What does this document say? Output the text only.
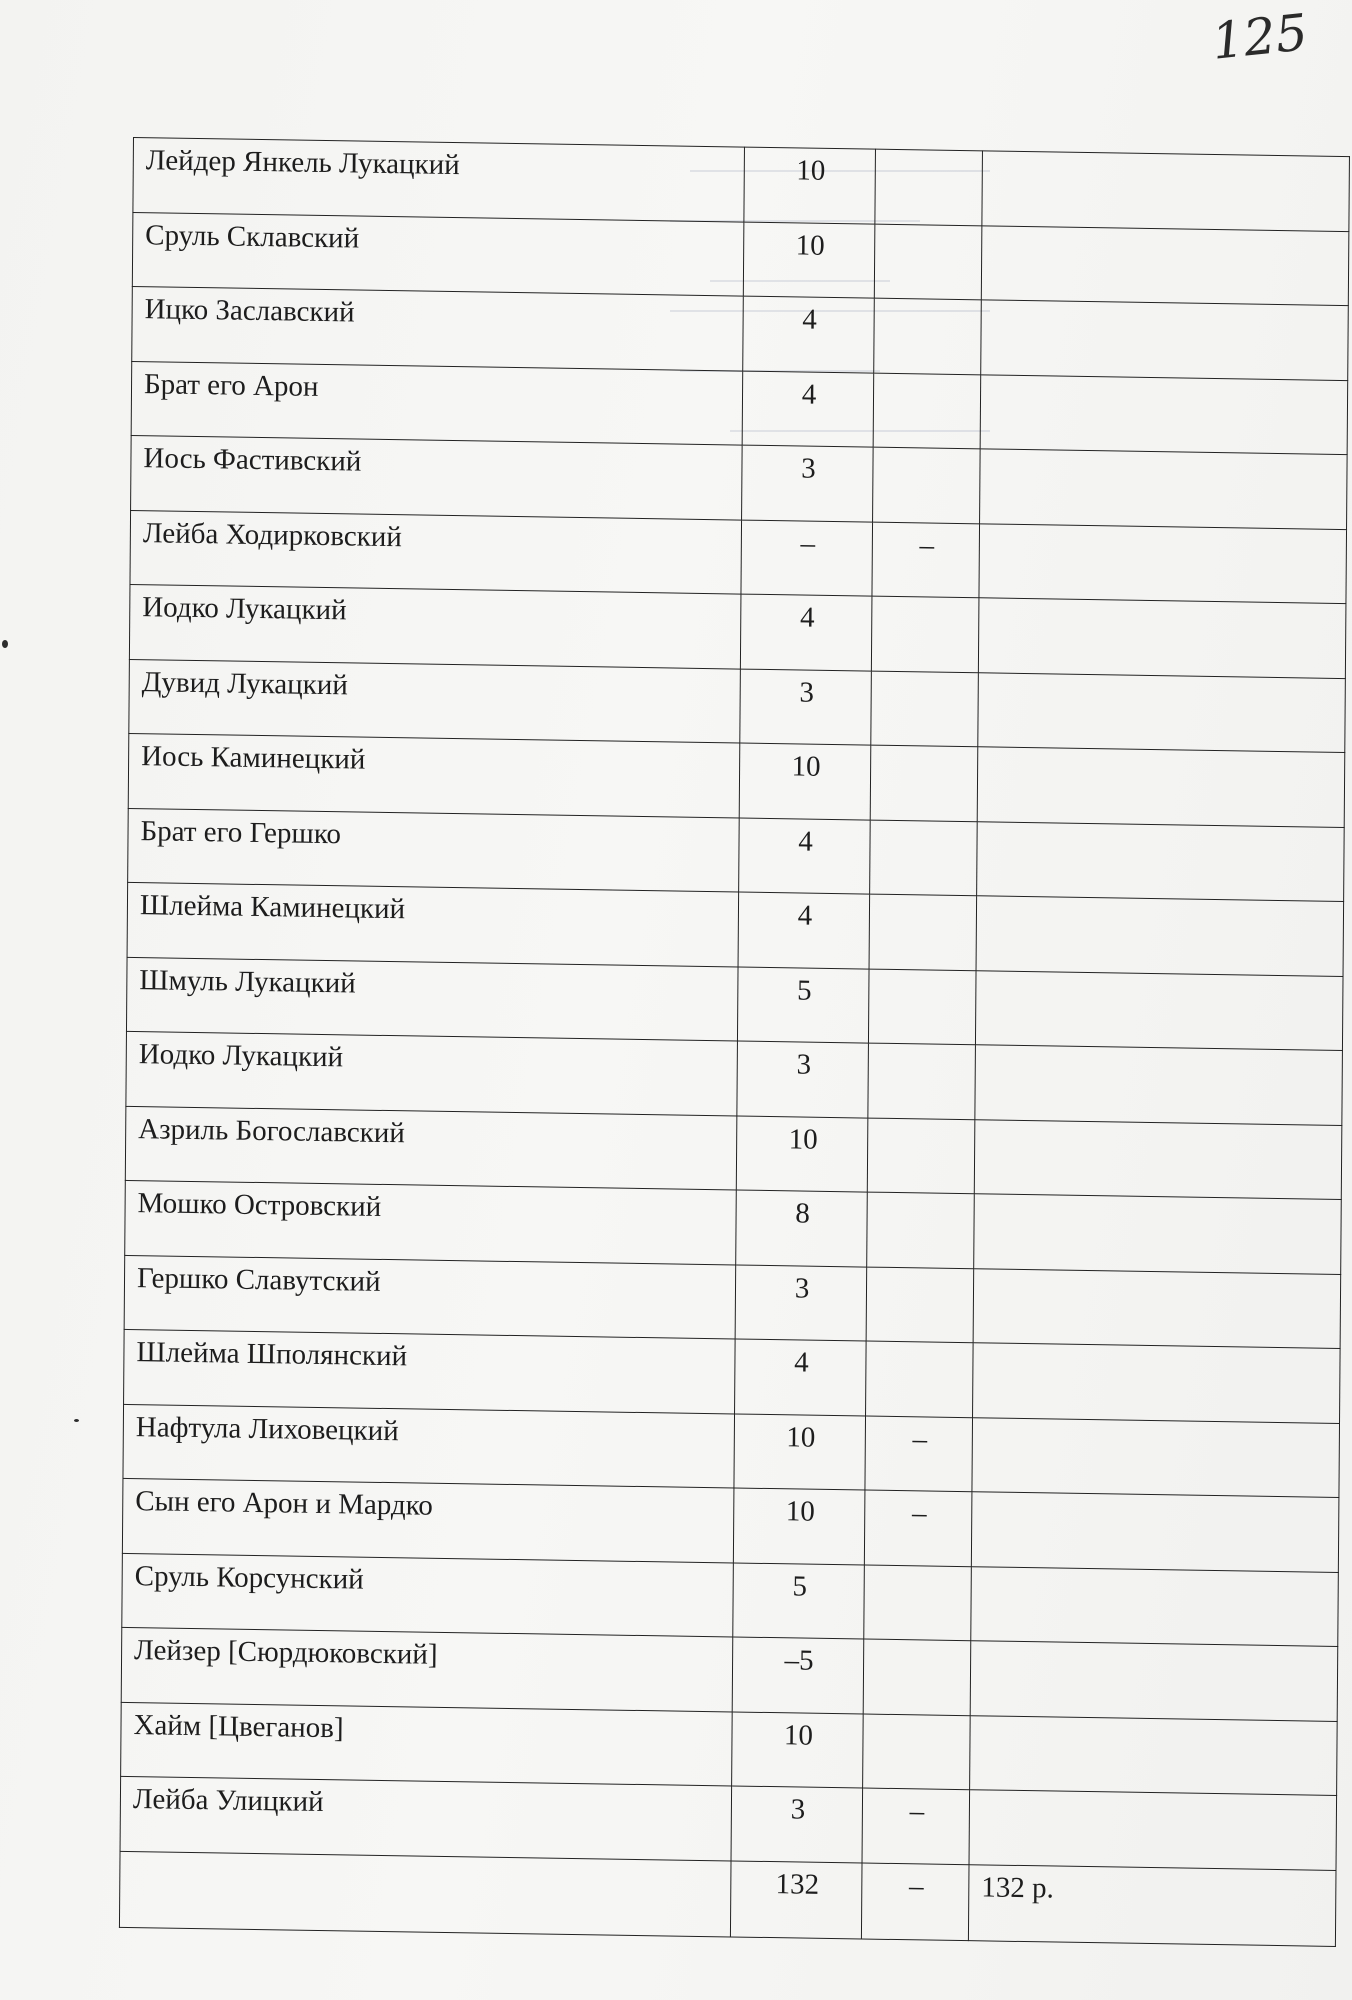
125
Лейдер Янкель Лукацкий	10		
Сруль Склавский	10		
Ицко Заславский	4		
Брат его Арон	4		
Иось Фастивский	3		
Лейба Ходирковский	–	–	
Иодко Лукацкий	4		
Дувид Лукацкий	3		
Иось Каминецкий	10		
Брат его Гершко	4		
Шлейма Каминецкий	4		
Шмуль Лукацкий	5		
Иодко Лукацкий	3		
Азриль Богославский	10		
Мошко Островский	8		
Гершко Славутский	3		
Шлейма Шполянский	4		
Нафтула Лиховецкий	10	–	
Сын его Арон и Мардко	10	–	
Сруль Корсунский	5		
Лейзер [Сюрдюковский]	–5		
Хайм [Цвеганов]	10		
Лейба Улицкий	3	–	
	132	–	132 р.
